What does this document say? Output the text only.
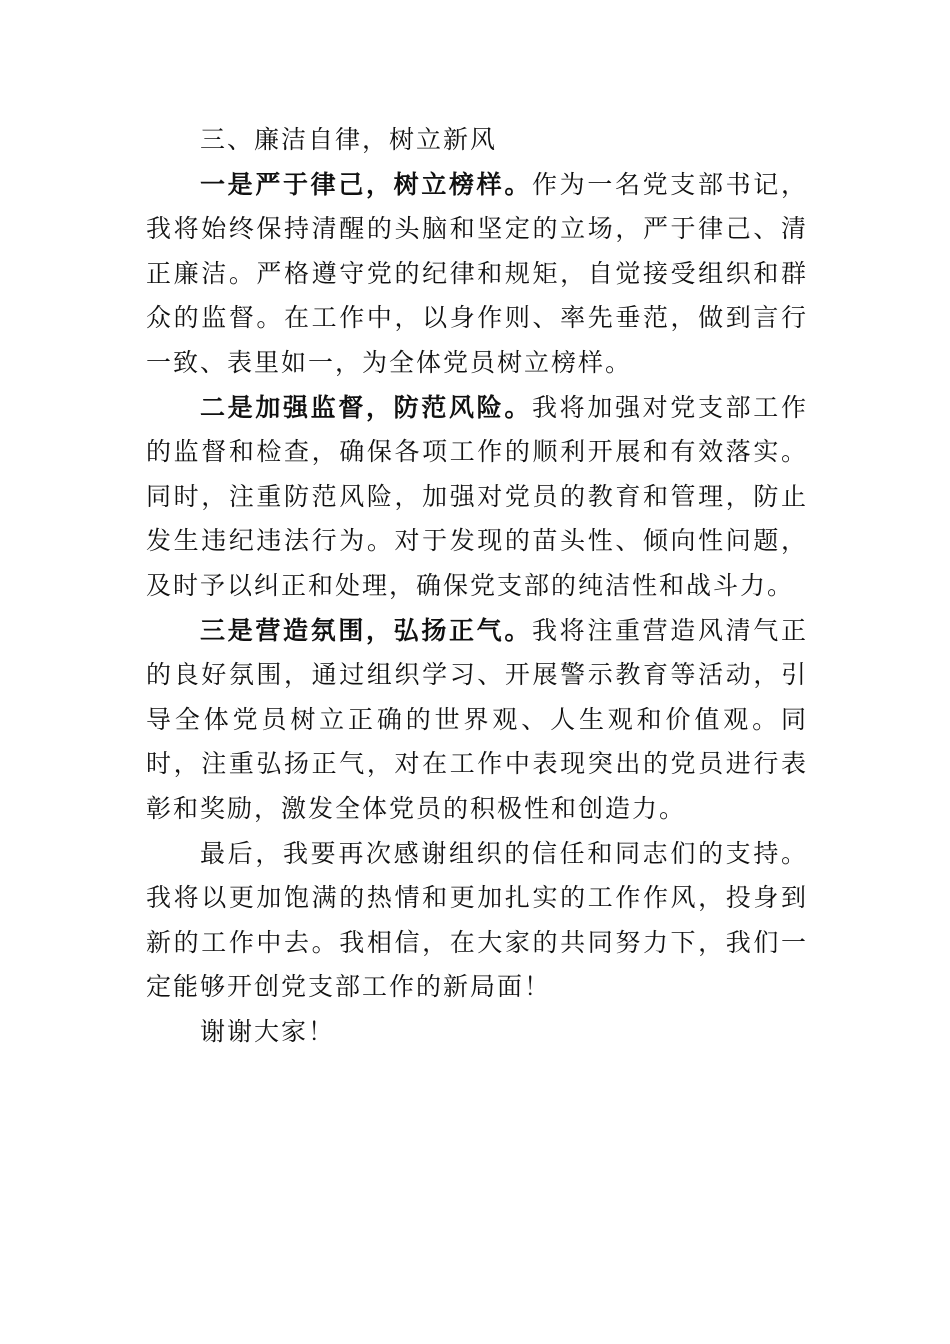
三、廉洁自律，树立新风

一是严于律己，树立榜样。作为一名党支部书记，我将始终保持清醒的头脑和坚定的立场，严于律己、清正廉洁。严格遵守党的纪律和规矩，自觉接受组织和群众的监督。在工作中，以身作则、率先垂范，做到言行一致、表里如一，为全体党员树立榜样。

二是加强监督，防范风险。我将加强对党支部工作的监督和检查，确保各项工作的顺利开展和有效落实。同时，注重防范风险，加强对党员的教育和管理，防止发生违纪违法行为。对于发现的苗头性、倾向性问题，及时予以纠正和处理，确保党支部的纯洁性和战斗力。

三是营造氛围，弘扬正气。我将注重营造风清气正的良好氛围，通过组织学习、开展警示教育等活动，引导全体党员树立正确的世界观、人生观和价值观。同时，注重弘扬正气，对在工作中表现突出的党员进行表彰和奖励，激发全体党员的积极性和创造力。

最后，我要再次感谢组织的信任和同志们的支持。我将以更加饱满的热情和更加扎实的工作作风，投身到新的工作中去。我相信，在大家的共同努力下，我们一定能够开创党支部工作的新局面！

谢谢大家！
